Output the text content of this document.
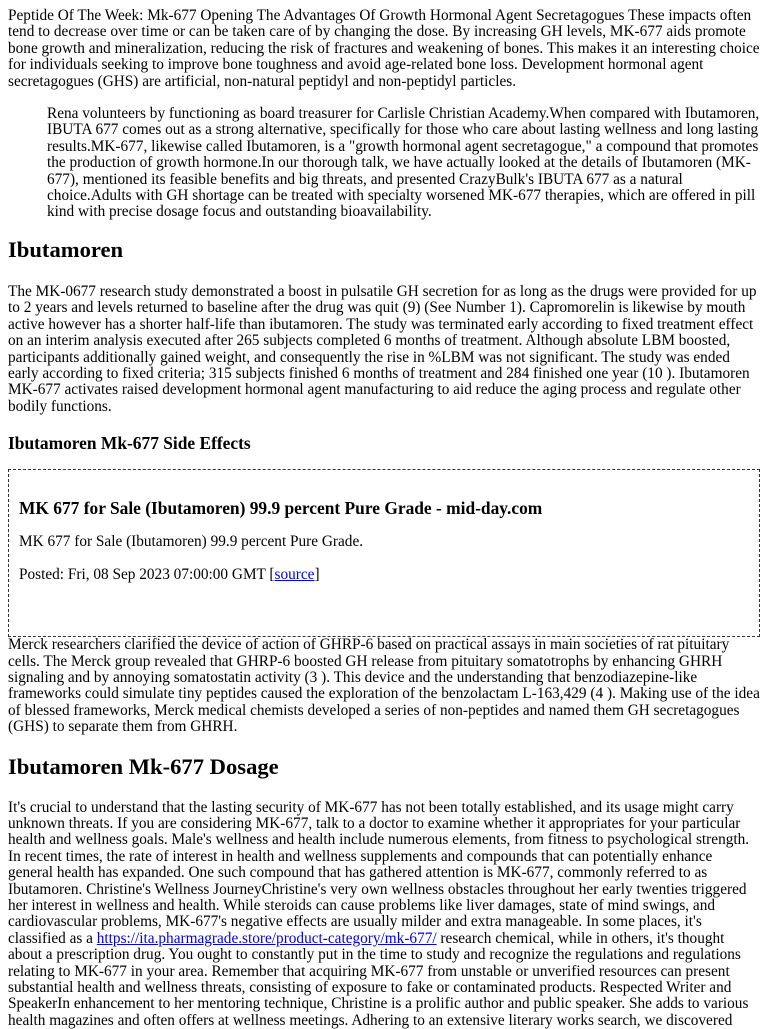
Peptide Of The Week: Mk-677 Opening The Advantages Of Growth Hormonal Agent Secretagogues These impacts often tend to decrease over time or can be taken care of by changing the dose. By increasing GH levels, MK-677 aids promote bone growth and mineralization, reducing the risk of fractures and weakening of bones. This makes it an interesting choice for individuals seeking to improve bone toughness and avoid age-related bone loss. Development hormonal agent secretagogues (GHS) are artificial, non-natural peptidyl and non-peptidyl particles.

Rena volunteers by functioning as board treasurer for Carlisle Christian Academy.When compared with Ibutamoren, IBUTA 677 comes out as a strong alternative, specifically for those who care about lasting wellness and long lasting results.MK-677, likewise called Ibutamoren, is a "growth hormonal agent secretagogue," a compound that promotes the production of growth hormone.In our thorough talk, we have actually looked at the details of Ibutamoren (MK-677), mentioned its feasible benefits and big threats, and presented CrazyBulk's IBUTA 677 as a natural choice.Adults with GH shortage can be treated with specialty worsened MK-677 therapies, which are offered in pill kind with precise dosage focus and outstanding bioavailability.

Ibutamoren

The MK-0677 research study demonstrated a boost in pulsatile GH secretion for as long as the drugs were provided for up to 2 years and levels returned to baseline after the drug was quit (9) (See Number 1). Capromorelin is likewise by mouth active however has a shorter half-life than ibutamoren. The study was terminated early according to fixed treatment effect on an interim analysis executed after 265 subjects completed 6 months of treatment. Although absolute LBM boosted, participants additionally gained weight, and consequently the rise in %LBM was not significant. The study was ended early according to fixed criteria; 315 subjects finished 6 months of treatment and 284 finished one year (10 ). Ibutamoren MK-677 activates raised development hormonal agent manufacturing to aid reduce the aging process and regulate other bodily functions.

Ibutamoren Mk-677 Side Effects
MK 677 for Sale (Ibutamoren) 99.9 percent Pure Grade - mid-day.com

MK 677 for Sale (Ibutamoren) 99.9 percent Pure Grade.

Posted: Fri, 08 Sep 2023 07:00:00 GMT [source]

Merck researchers clarified the device of action of GHRP-6 based on practical assays in main societies of rat pituitary cells. The Merck group revealed that GHRP-6 boosted GH release from pituitary somatotrophs by enhancing GHRH signaling and by annoying somatostatin activity (3 ). This device and the understanding that benzodiazepine-like frameworks could simulate tiny peptides caused the exploration of the benzolactam L-163,429 (4 ). Making use of the idea of blessed frameworks, Merck medical chemists developed a series of non-peptides and named them GH secretagogues (GHS) to separate them from GHRH.

Ibutamoren Mk-677 Dosage

It's crucial to understand that the lasting security of MK-677 has not been totally established, and its usage might carry unknown threats. If you are considering MK-677, talk to a doctor to examine whether it appropriates for your particular health and wellness goals. Male's wellness and health include numerous elements, from fitness to psychological strength. In recent times, the rate of interest in health and wellness supplements and compounds that can potentially enhance general health has expanded. One such compound that has gathered attention is MK-677, commonly referred to as Ibutamoren. Christine's Wellness JourneyChristine's very own wellness obstacles throughout her early twenties triggered her interest in wellness and health. While steroids can cause problems like liver damages, state of mind swings, and cardiovascular problems, MK-677's negative effects are usually milder and extra manageable. In some places, it's classified as a https://ita.pharmagrade.store/product-category/mk-677/ research chemical, while in others, it's thought about a prescription drug. You ought to constantly put in the time to study and recognize the regulations and regulations relating to MK-677 in your area. Remember that acquiring MK-677 from unstable or unverified resources can present substantial health and wellness threats, consisting of exposure to fake or contaminated products. Respected Writer and SpeakerIn enhancement to her mentoring technique, Christine is a prolific author and public speaker. She adds to various health magazines and often offers at wellness meetings. Adhering to an extensive literary works search, we discovered
